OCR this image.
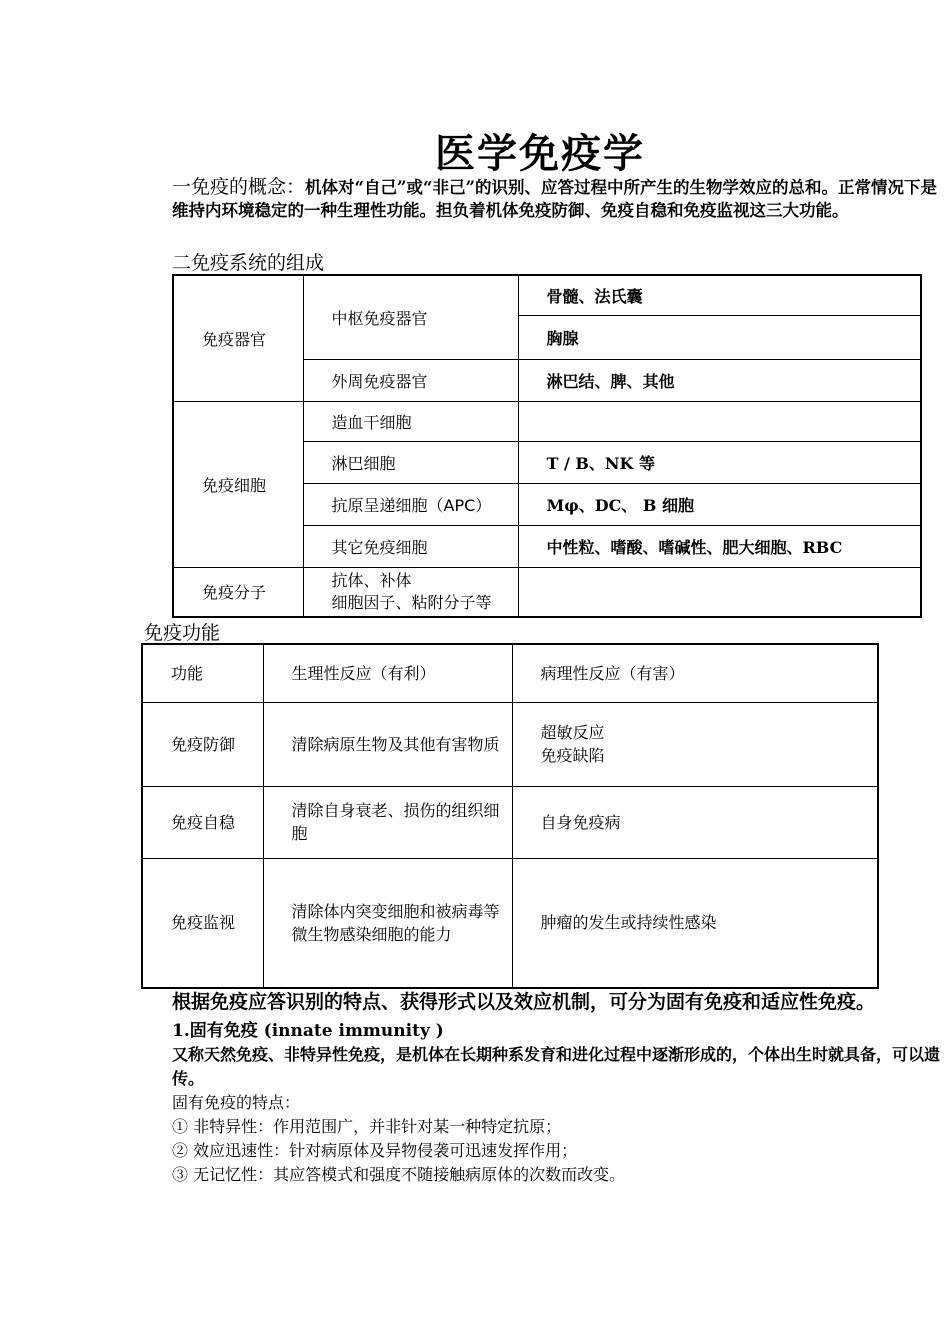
医学免疫学
一免疫的概念：机体对“自己”或“非己”的识别、应答过程中所产生的生物学效应的总和。正常情况下是维持内环境稳定的一种生理性功能。担负着机体免疫防御、免疫自稳和免疫监视这三大功能。
二免疫系统的组成
免疫器官	中枢免疫器官	骨髓、法氏囊
		胸腺
	外周免疫器官	淋巴结、脾、其他
免疫细胞	造血干细胞	
	淋巴细胞	T / B、NK 等
	抗原呈递细胞（APC）	Mφ、DC、 B 细胞
	其它免疫细胞	中性粒、嗜酸、嗜碱性、肥大细胞、RBC
免疫分子	抗体、补体
细胞因子、粘附分子等	

免疫功能
功能	生理性反应（有利）	病理性反应（有害）
免疫防御	清除病原生物及其他有害物质	超敏反应
免疫缺陷

免疫自稳	清除自身衰老、损伤的组织细胞	自身免疫病
免疫监视	清除体内突变细胞和被病毒等微生物感染细胞的能力	肿瘤的发生或持续性感染
根据免疫应答识别的特点、获得形式以及效应机制，可分为固有免疫和适应性免疫。
1.固有免疫 (innate immunity )
又称天然免疫、非特异性免疫，是机体在长期种系发育和进化过程中逐渐形成的，个体出生时就具备，可以遗传。
固有免疫的特点：
① 非特异性：作用范围广，并非针对某一种特定抗原；
② 效应迅速性：针对病原体及异物侵袭可迅速发挥作用；
③ 无记忆性：其应答模式和强度不随接触病原体的次数而改变。
